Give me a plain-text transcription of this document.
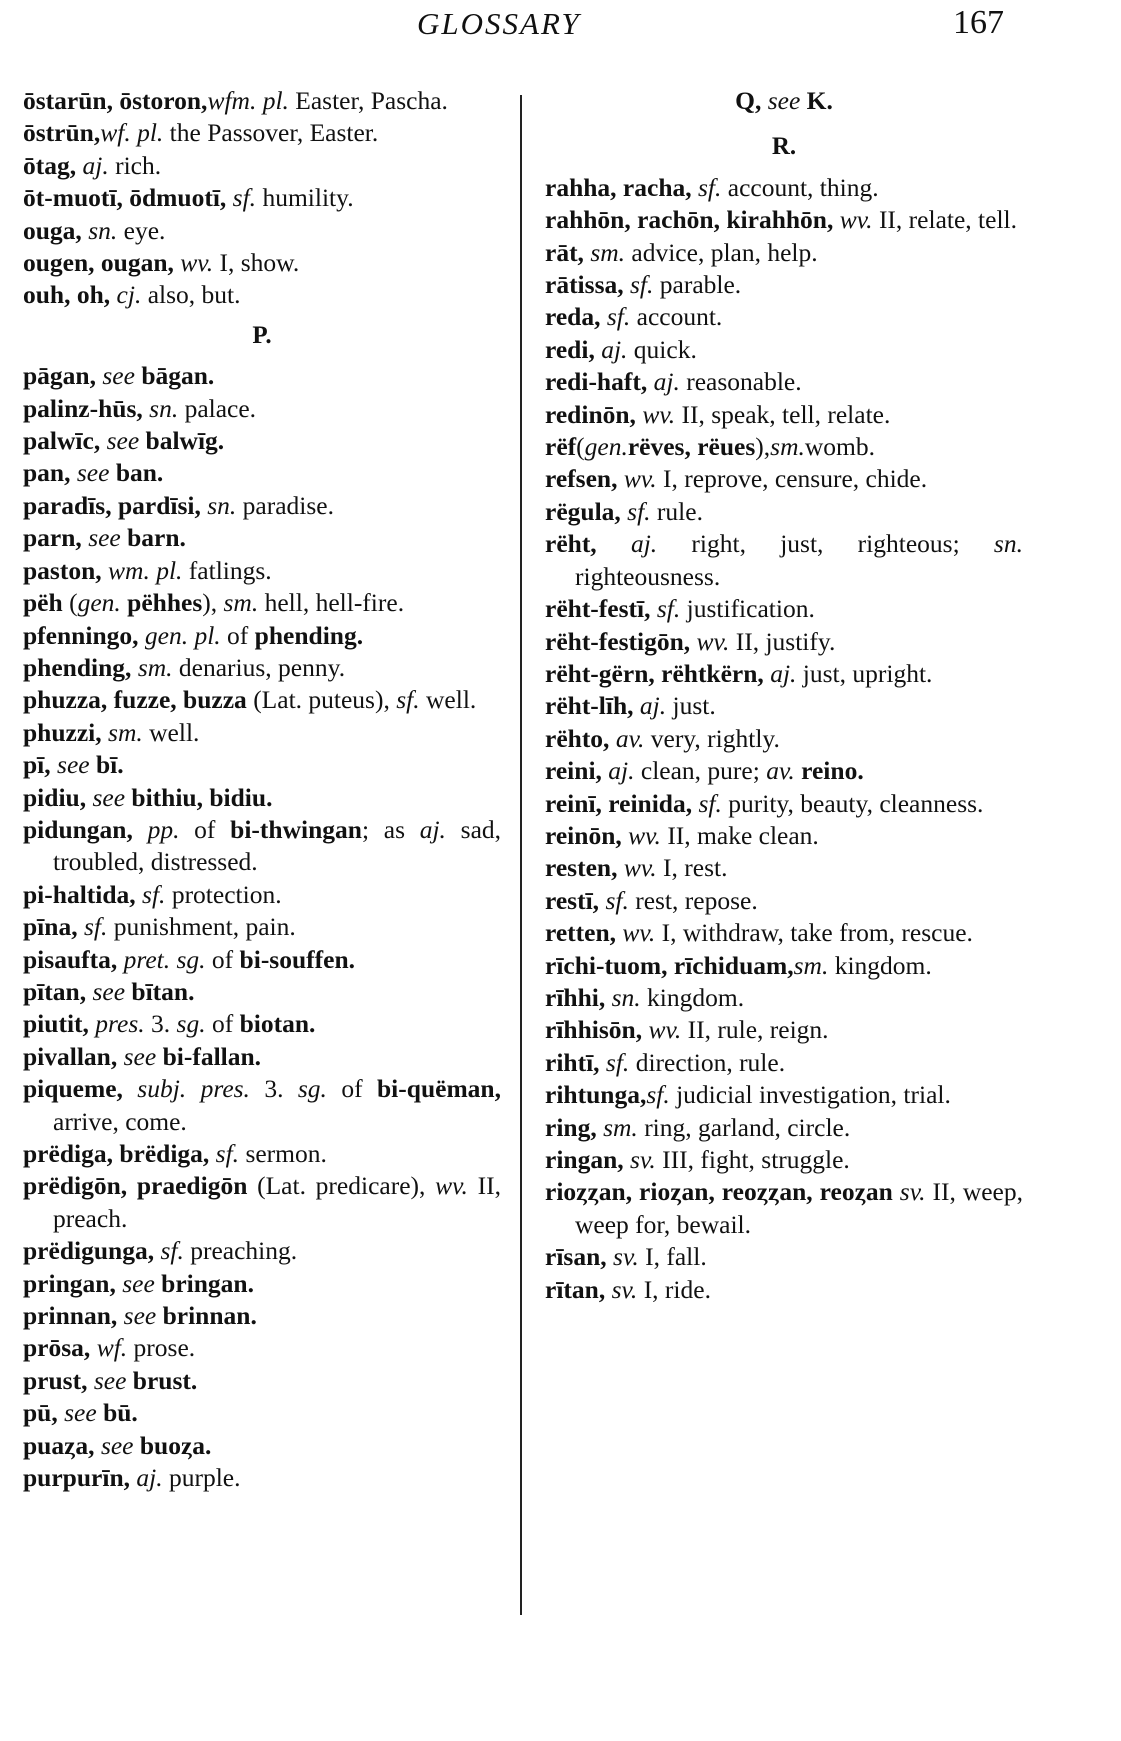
GLOSSARY	167
ōstarūn, ōstoron,wfm. pl. Easter, Pascha.
ōstrūn,wf. pl. the Passover, Easter.
ōtag, aj. rich.
ōt-muotī, ōdmuotī, sf. humility.
ouga, sn. eye.
ougen, ougan, wv. I, show.
ouh, oh, cj. also, but.
P.
pāgan, see bāgan.
palinz-hūs, sn. palace.
palwīc, see balwīg.
pan, see ban.
paradīs, pardīsi, sn. paradise.
parn, see barn.
paston, wm. pl. fatlings.
pëh (gen. pëhhes), sm. hell, hell-fire.
pfenningo, gen. pl. of phending.
phending, sm. denarius, penny.
phuzza, fuzze, buzza (Lat. puteus), sf. well.
phuzzi, sm. well.
pī, see bī.
pidiu, see bithiu, bidiu.
pidungan, pp. of bi-thwingan; as aj. sad, troubled, distressed.
pi-haltida, sf. protection.
pīna, sf. punishment, pain.
pisaufta, pret. sg. of bi-souffen.
pītan, see bītan.
piutit, pres. 3. sg. of biotan.
pivallan, see bi-fallan.
piqueme, subj. pres. 3. sg. of bi-quëman, arrive, come.
prëdiga, brëdiga, sf. sermon.
prëdigōn, praedigōn (Lat. predicare), wv. II, preach.
prëdigunga, sf. preaching.
pringan, see bringan.
prinnan, see brinnan.
prōsa, wf. prose.
prust, see brust.
pū, see bū.
puaȥa, see buoȥa.
purpurīn, aj. purple.
Q, see K.
R.
rahha, racha, sf. account, thing.
rahhōn, rachōn, kirahhōn, wv. II, relate, tell.
rāt, sm. advice, plan, help.
rātissa, sf. parable.
reda, sf. account.
redi, aj. quick.
redi-haft, aj. reasonable.
redinōn, wv. II, speak, tell, relate.
rëf(gen.rëves, rëues),sm.womb.
refsen, wv. I, reprove, censure, chide.
rëgula, sf. rule.
rëht, aj. right, just, righteous; sn. righteousness.
rëht-festī, sf. justification.
rëht-festigōn, wv. II, justify.
rëht-gërn, rëhtkërn, aj. just, upright.
rëht-līh, aj. just.
rëhto, av. very, rightly.
reini, aj. clean, pure; av. reino.
reinī, reinida, sf. purity, beauty, cleanness.
reinōn, wv. II, make clean.
resten, wv. I, rest.
restī, sf. rest, repose.
retten, wv. I, withdraw, take from, rescue.
rīchi-tuom, rīchiduam,sm. kingdom.
rīhhi, sn. kingdom.
rīhhisōn, wv. II, rule, reign.
rihtī, sf. direction, rule.
rihtunga,sf. judicial investigation, trial.
ring, sm. ring, garland, circle.
ringan, sv. III, fight, struggle.
rioȥȥan, rioȥan, reoȥȥan, reoȥan sv. II, weep, weep for, bewail.
rīsan, sv. I, fall.
rītan, sv. I, ride.
